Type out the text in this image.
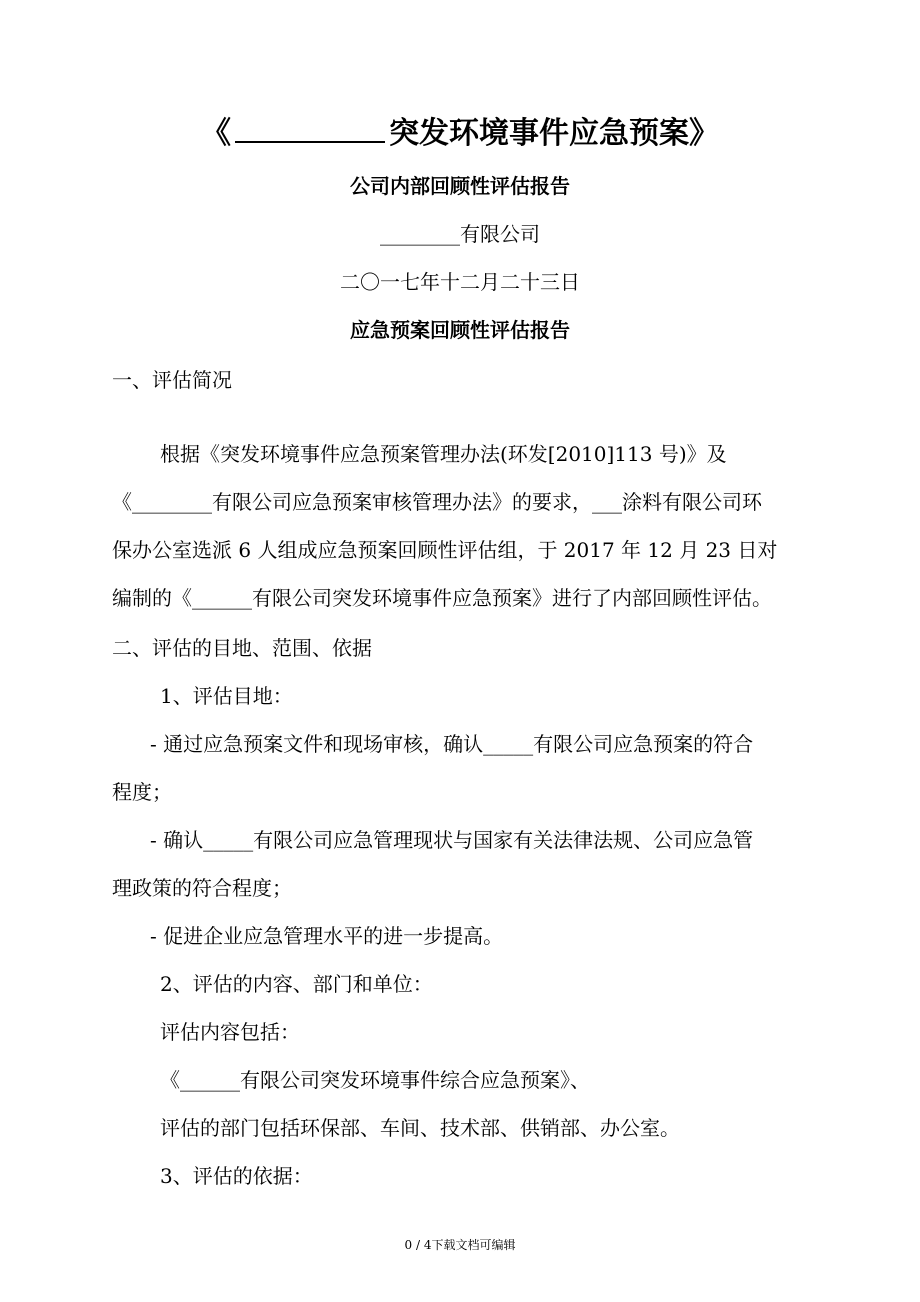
《	突发环境事件应急预案》
公司内部回顾性评估报告
________有限公司
二〇一七年十二月二十三日
应急预案回顾性评估报告
一、评估简况
根据《突发环境事件应急预案管理办法(环发[2010]113 号)》及
《________有限公司应急预案审核管理办法》的要求，___涂料有限公司环
保办公室选派 6 人组成应急预案回顾性评估组，于 2017 年 12 月 23 日对
编制的《______有限公司突发环境事件应急预案》进行了内部回顾性评估。
二、评估的目地、范围、依据
1、评估目地：
- 通过应急预案文件和现场审核，确认_____有限公司应急预案的符合
程度；
- 确认_____有限公司应急管理现状与国家有关法律法规、公司应急管
理政策的符合程度；
- 促进企业应急管理水平的进一步提高。
2、评估的内容、部门和单位：
评估内容包括：
《______有限公司突发环境事件综合应急预案》、
评估的部门包括环保部、车间、技术部、供销部、办公室。
3、评估的依据：
0 / 4下载文档可编辑
